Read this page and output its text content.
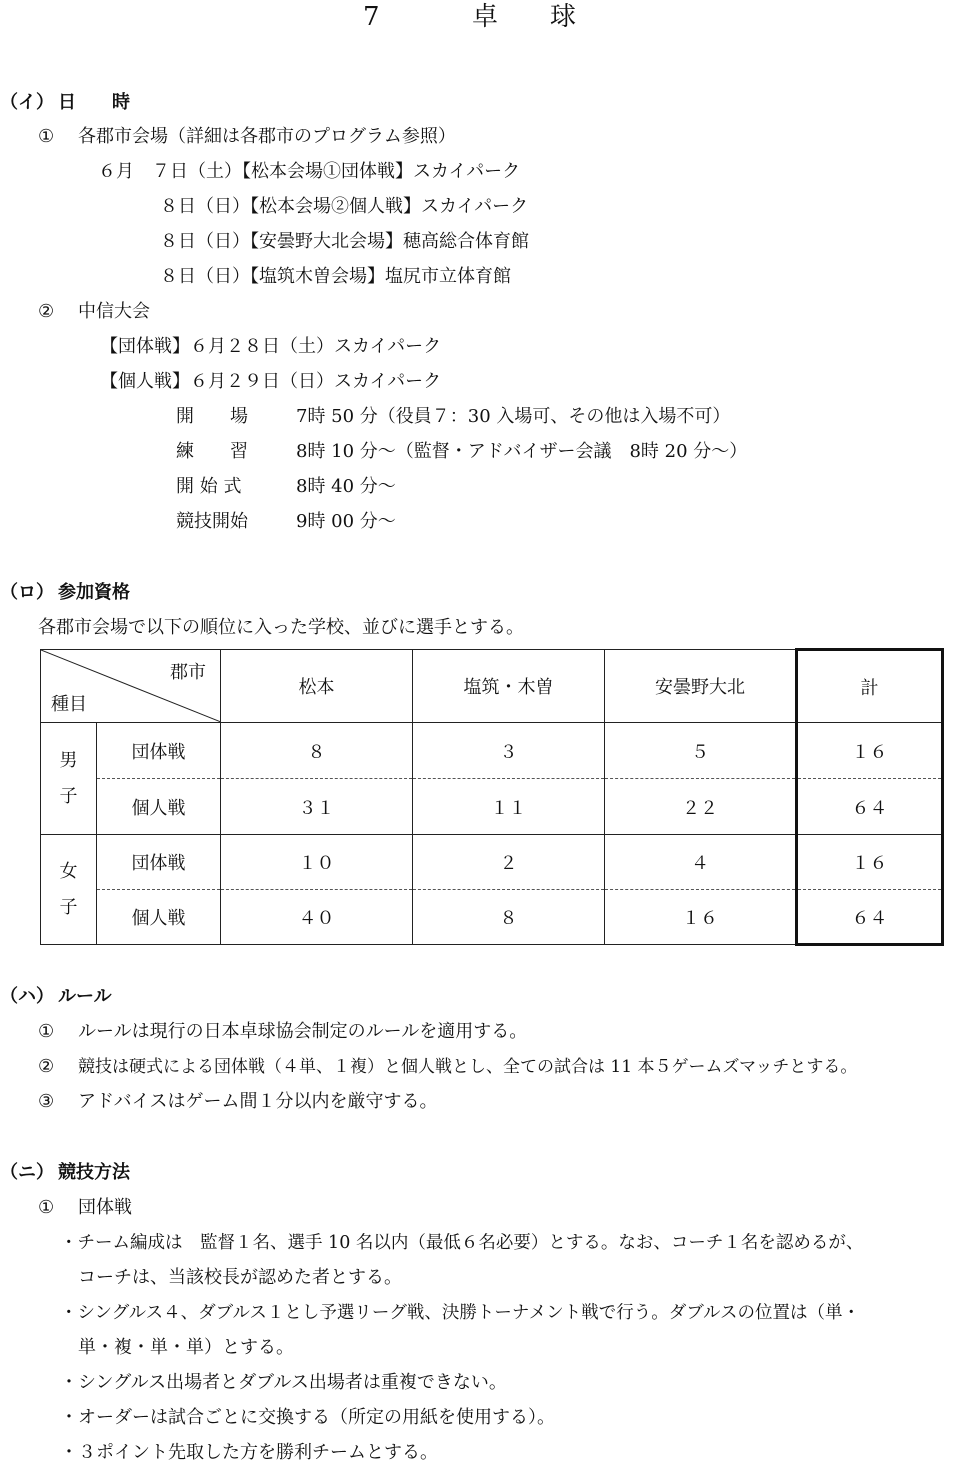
7	卓　　球
（イ） 日　　時
① 各郡市会場（詳細は各郡市のプログラム参照）
６月　７日（土）【松本会場①団体戦】スカイパーク
８日（日）【松本会場②個人戦】スカイパーク
８日（日）【安曇野大北会場】穂高総合体育館
８日（日）【塩筑木曽会場】塩尻市立体育館
② 中信大会
【団体戦】６月２８日（土）スカイパーク
【個人戦】６月２９日（日）スカイパーク
開　　場	7時 50 分（役員７：30 入場可、その他は入場不可）
練　　習	8時 10 分～（監督・アドバイザー会議　8時 20 分～）
開 始 式	8時 40 分～
競技開始	9時 00 分～
（ロ） 参加資格
各郡市会場で以下の順位に入った学校、並びに選手とする。
郡市
種目		松本	塩筑・木曽	安曇野大北	計

男
子	団体戦	８	３	５	１６
	個人戦	３１	１１	２２	６４

女
子	団体戦	１０	２	４	１６
	個人戦	４０	８	１６	６４
（ハ） ルール
① ルールは現行の日本卓球協会制定のルールを適用する。
② 競技は硬式による団体戦（４単、１複）と個人戦とし、全ての試合は 11 本５ゲームズマッチとする。
③ アドバイスはゲーム間１分以内を厳守する。
（ニ） 競技方法
① 団体戦
・チーム編成は　監督１名、選手 10 名以内（最低６名必要）とする。なお、コーチ１名を認めるが、
コーチは、当該校長が認めた者とする。
・シングルス４、ダブルス１とし予選リーグ戦、決勝トーナメント戦で行う。ダブルスの位置は（単・
単・複・単・単）とする。
・シングルス出場者とダブルス出場者は重複できない。
・オーダーは試合ごとに交換する（所定の用紙を使用する）。
・３ポイント先取した方を勝利チームとする。
